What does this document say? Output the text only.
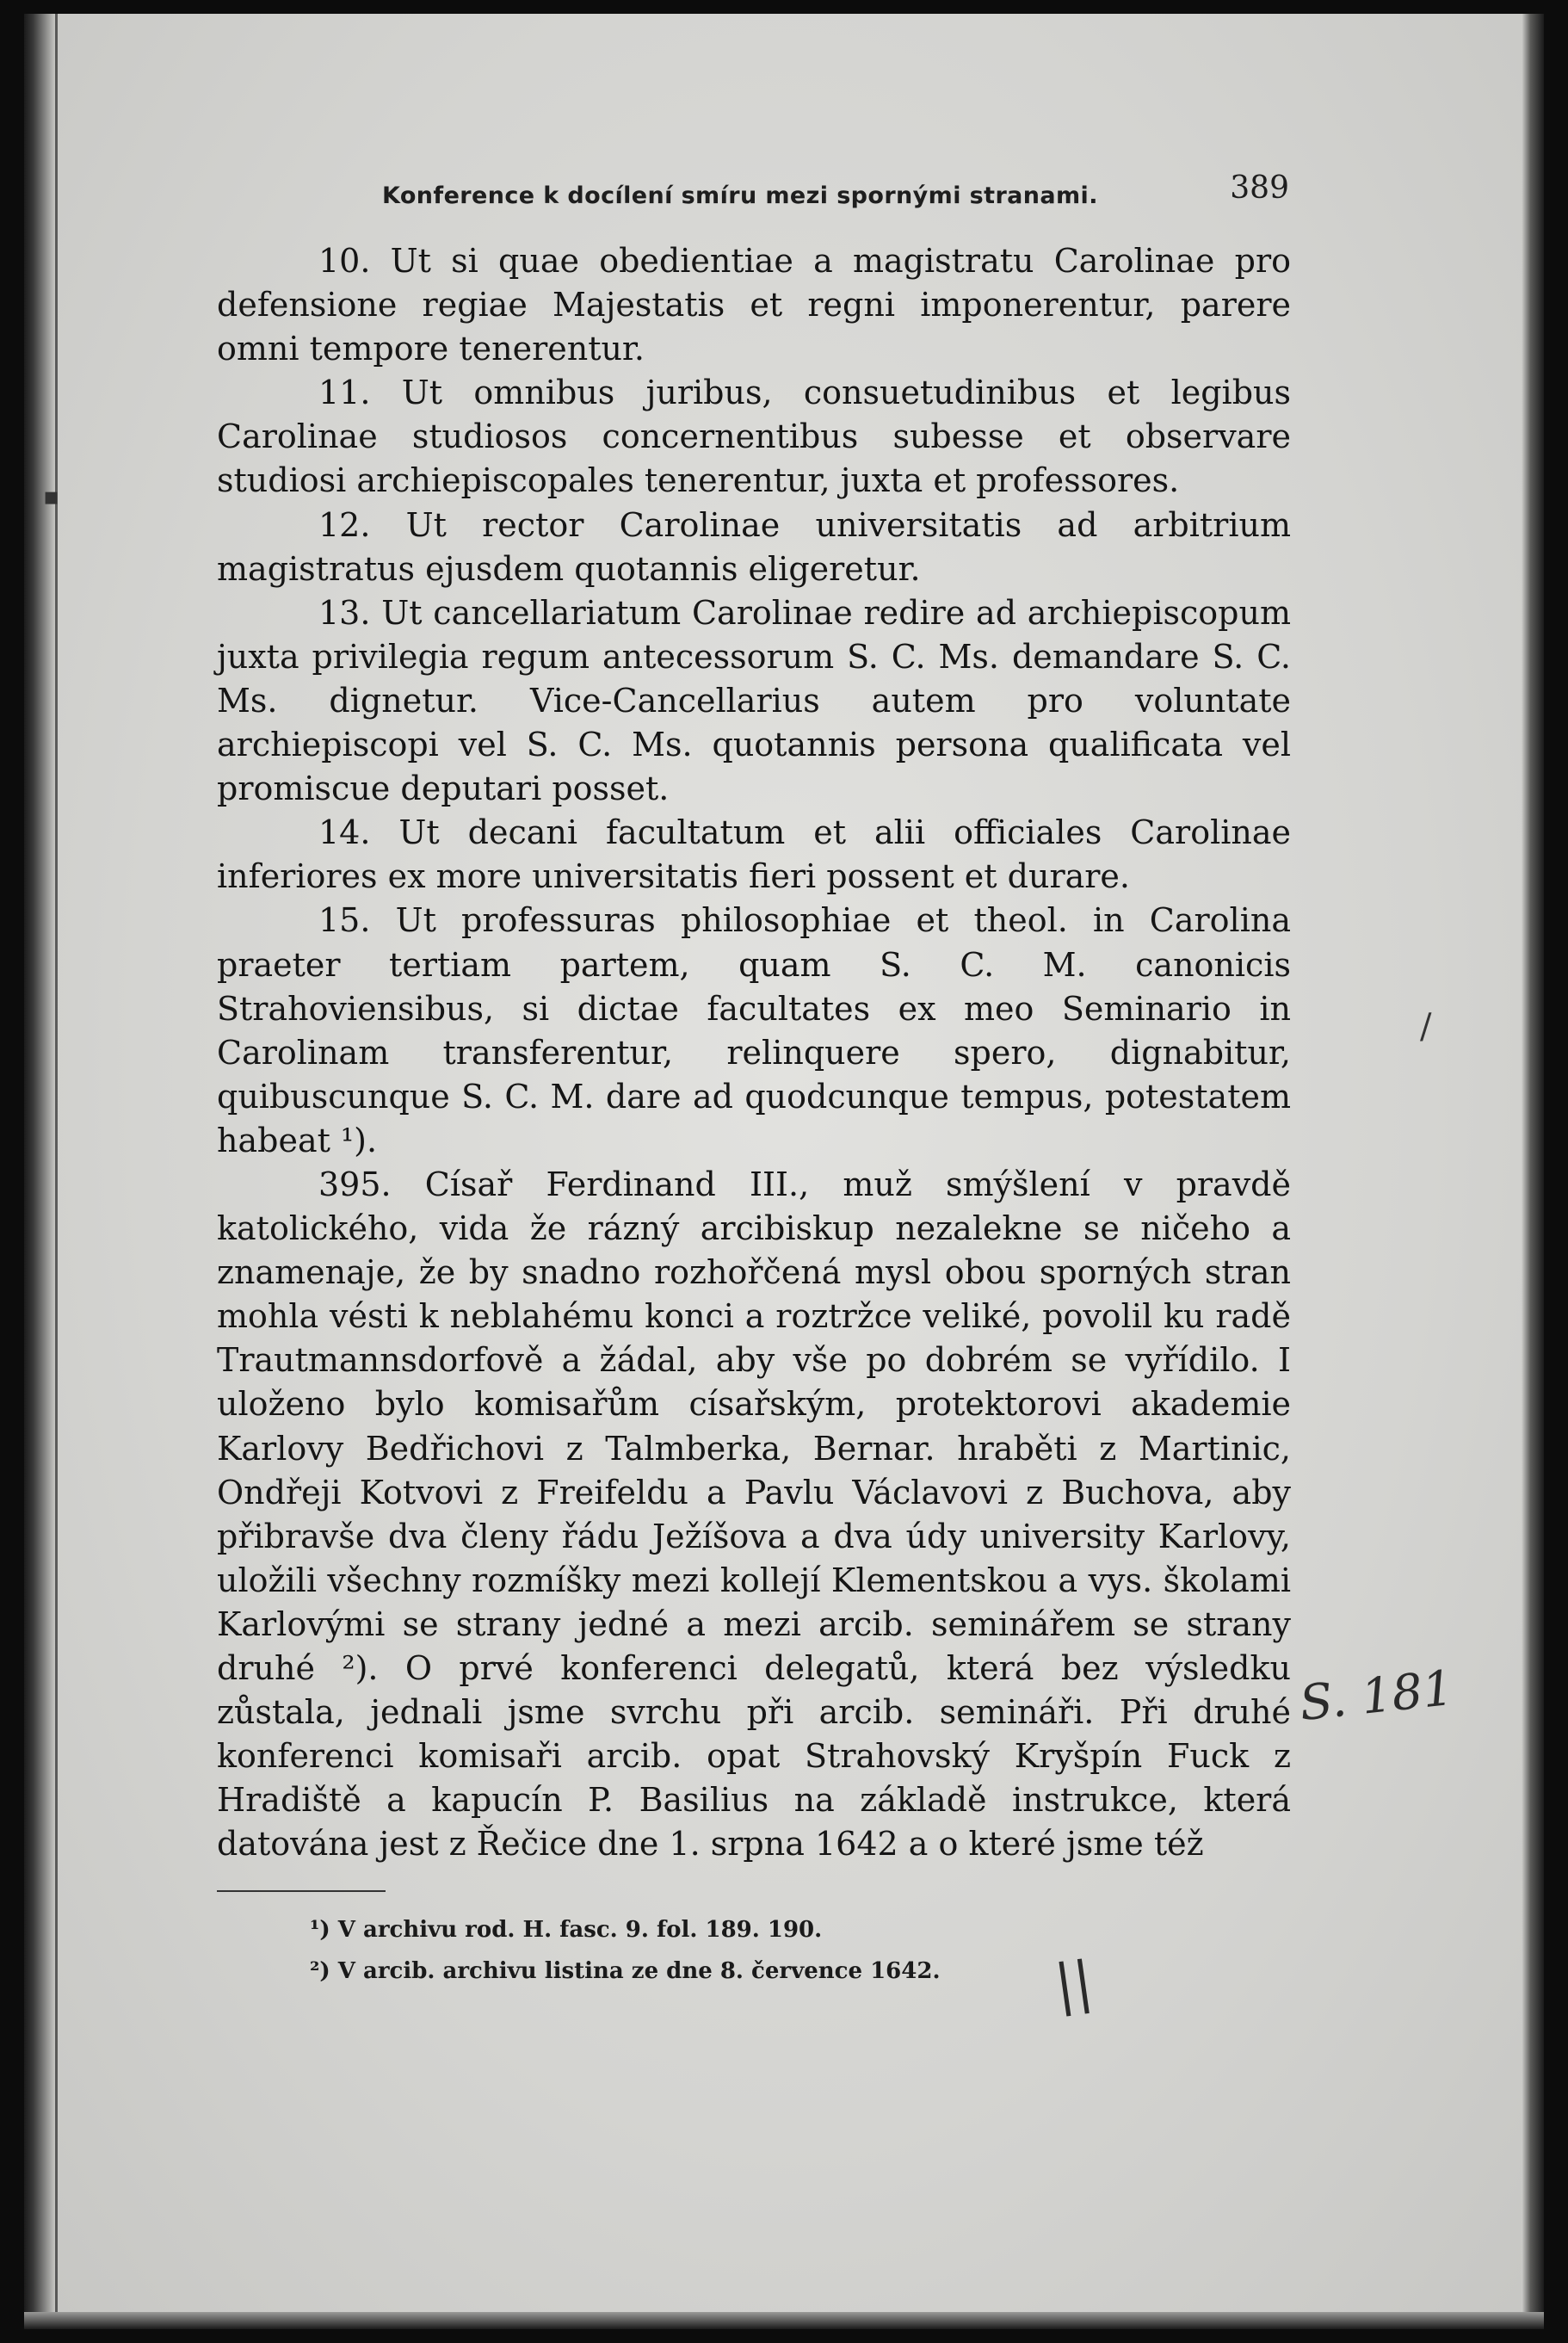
Konference k docílení smíru mezi spornými stranami.	389

10. Ut si quae obedientiae a magistratu Carolinae pro defensione regiae Majestatis et regni imponerentur, parere omni tempore tenerentur.

11. Ut omnibus juribus, consuetudinibus et legibus Carolinae studiosos concernentibus subesse et observare studiosi archiepiscopales tenerentur, juxta et professores.

12. Ut rector Carolinae universitatis ad arbitrium magistratus ejusdem quotannis eligeretur.

13. Ut cancellariatum Carolinae redire ad archiepiscopum juxta privilegia regum antecessorum S. C. Ms. demandare S. C. Ms. dignetur. Vice-Cancellarius autem pro voluntate archiepiscopi vel S. C. Ms. quotannis persona qualificata vel promiscue deputari posset.

14. Ut decani facultatum et alii officiales Carolinae inferiores ex more universitatis fieri possent et durare.

15. Ut professuras philosophiae et theol. in Carolina praeter tertiam partem, quam S. C. M. canonicis Strahoviensibus, si dictae facultates ex meo Seminario in Carolinam transferentur, relinquere spero, dignabitur, quibuscunque S. C. M. dare ad quodcunque tempus, potestatem habeat ¹).

395. Císař Ferdinand III., muž smýšlení v pravdě katolického, vida že rázný arcibiskup nezalekne se ničeho a znamenaje, že by snadno rozhořčená mysl obou sporných stran mohla vésti k neblahému konci a roztržce veliké, povolil ku radě Trautmannsdorfově a žádal, aby vše po dobrém se vyřídilo. I uloženo bylo komisařům císařským, protektorovi akademie Karlovy Bedřichovi z Talmberka, Bernar. hraběti z Martinic, Ondřeji Kotvovi z Freifeldu a Pavlu Václavovi z Buchova, aby přibravše dva členy řádu Ježíšova a dva údy university Karlovy, uložili všechny rozmíšky mezi kollejí Klementskou a vys. školami Karlovými se strany jedné a mezi arcib. seminářem se strany druhé ²). O prvé konferenci delegatů, která bez výsledku zůstala, jednali jsme svrchu při arcib. semináři. Při druhé konferenci komisaři arcib. opat Strahovský Kryšpín Fuck z Hradiště a kapucín P. Basilius na základě instrukce, která datována jest z Řečice dne 1. srpna 1642 a o které jsme též

¹) V archivu rod. H. fasc. 9. fol. 189. 190.
²) V arcib. archivu listina ze dne 8. července 1642.
S. 181
||
▪
/
